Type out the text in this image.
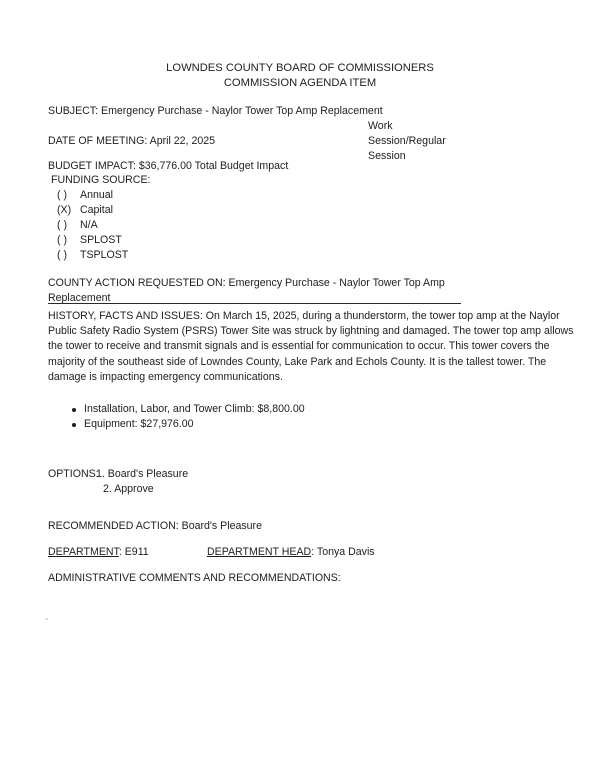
LOWNDES COUNTY BOARD OF COMMISSIONERS
COMMISSION AGENDA ITEM
SUBJECT: Emergency Purchase - Naylor Tower Top Amp Replacement
DATE OF MEETING: April 22, 2025
Work
Session/Regular
Session
BUDGET IMPACT: $36,776.00 Total Budget Impact
FUNDING SOURCE:
( ) Annual
(X) Capital
( ) N/A
( ) SPLOST
( ) TSPLOST
COUNTY ACTION REQUESTED ON: Emergency Purchase - Naylor Tower Top Amp
Replacement
HISTORY, FACTS AND ISSUES: On March 15, 2025, during a thunderstorm, the tower top amp at the Naylor
Public Safety Radio System (PSRS) Tower Site was struck by lightning and damaged. The tower top amp allows
the tower to receive and transmit signals and is essential for communication to occur. This tower covers the
majority of the southeast side of Lowndes County, Lake Park and Echols County. It is the tallest tower. The
damage is impacting emergency communications.
Installation, Labor, and Tower Climb: $8,800.00
Equipment: $27,976.00
OPTIONS:
1. Board's Pleasure
2. Approve
RECOMMENDED ACTION: Board's Pleasure
DEPARTMENT: E911	DEPARTMENT HEAD: Tonya Davis
ADMINISTRATIVE COMMENTS AND RECOMMENDATIONS:
